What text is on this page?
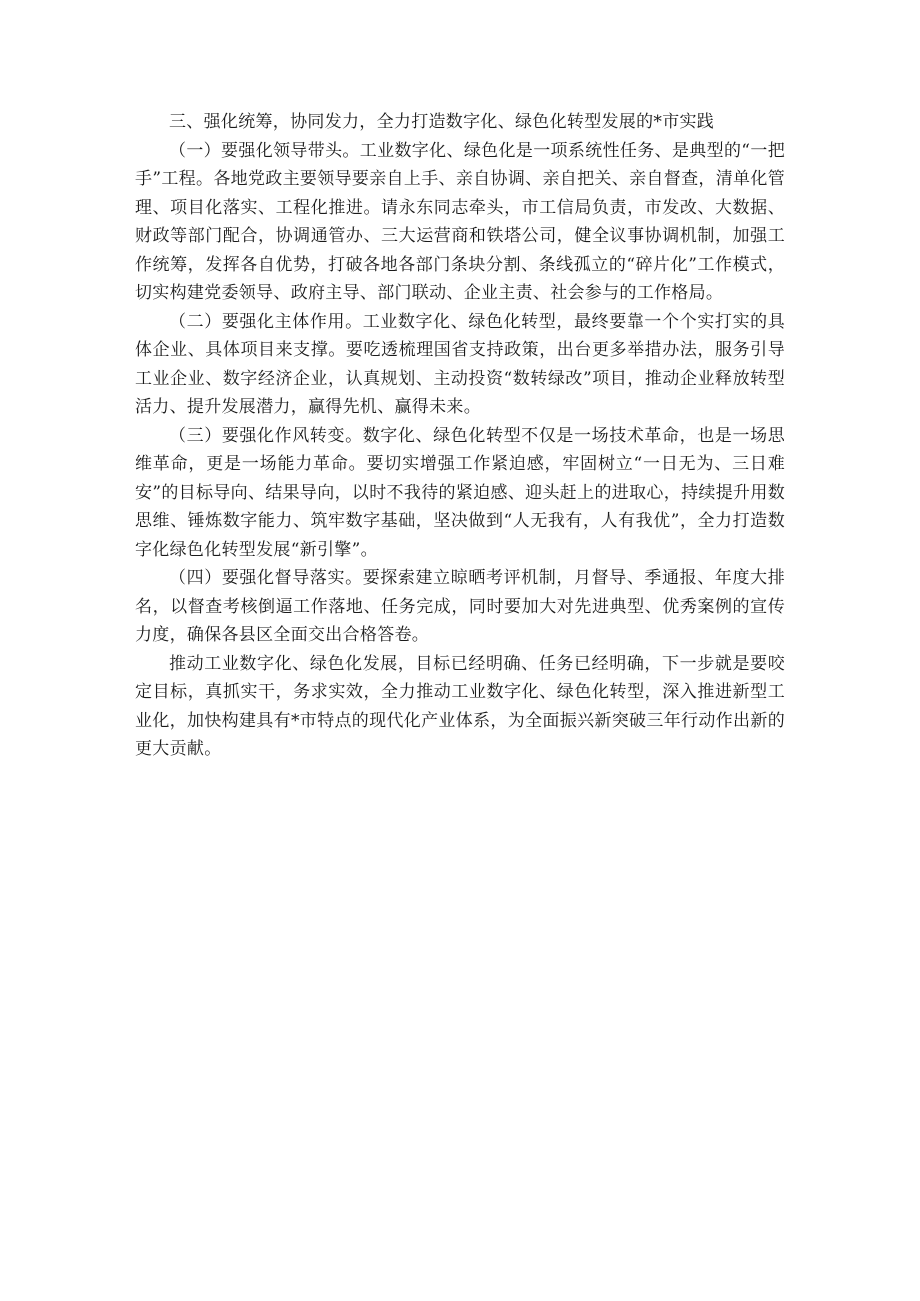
三、强化统筹，协同发力，全力打造数字化、绿色化转型发展的*市实践

（一）要强化领导带头。工业数字化、绿色化是一项系统性任务、是典型的“一把手”工程。各地党政主要领导要亲自上手、亲自协调、亲自把关、亲自督查，清单化管理、项目化落实、工程化推进。请永东同志牵头，市工信局负责，市发改、大数据、财政等部门配合，协调通管办、三大运营商和铁塔公司，健全议事协调机制，加强工作统筹，发挥各自优势，打破各地各部门条块分割、条线孤立的“碎片化”工作模式，切实构建党委领导、政府主导、部门联动、企业主责、社会参与的工作格局。

（二）要强化主体作用。工业数字化、绿色化转型，最终要靠一个个实打实的具体企业、具体项目来支撑。要吃透梳理国省支持政策，出台更多举措办法，服务引导工业企业、数字经济企业，认真规划、主动投资“数转绿改”项目，推动企业释放转型活力、提升发展潜力，赢得先机、赢得未来。

（三）要强化作风转变。数字化、绿色化转型不仅是一场技术革命，也是一场思维革命，更是一场能力革命。要切实增强工作紧迫感，牢固树立“一日无为、三日难安”的目标导向、结果导向，以时不我待的紧迫感、迎头赶上的进取心，持续提升用数思维、锤炼数字能力、筑牢数字基础，坚决做到“人无我有，人有我优”，全力打造数字化绿色化转型发展“新引擎”。

（四）要强化督导落实。要探索建立晾晒考评机制，月督导、季通报、年度大排名，以督查考核倒逼工作落地、任务完成，同时要加大对先进典型、优秀案例的宣传力度，确保各县区全面交出合格答卷。

推动工业数字化、绿色化发展，目标已经明确、任务已经明确，下一步就是要咬定目标，真抓实干，务求实效，全力推动工业数字化、绿色化转型，深入推进新型工业化，加快构建具有*市特点的现代化产业体系，为全面振兴新突破三年行动作出新的更大贡献。
